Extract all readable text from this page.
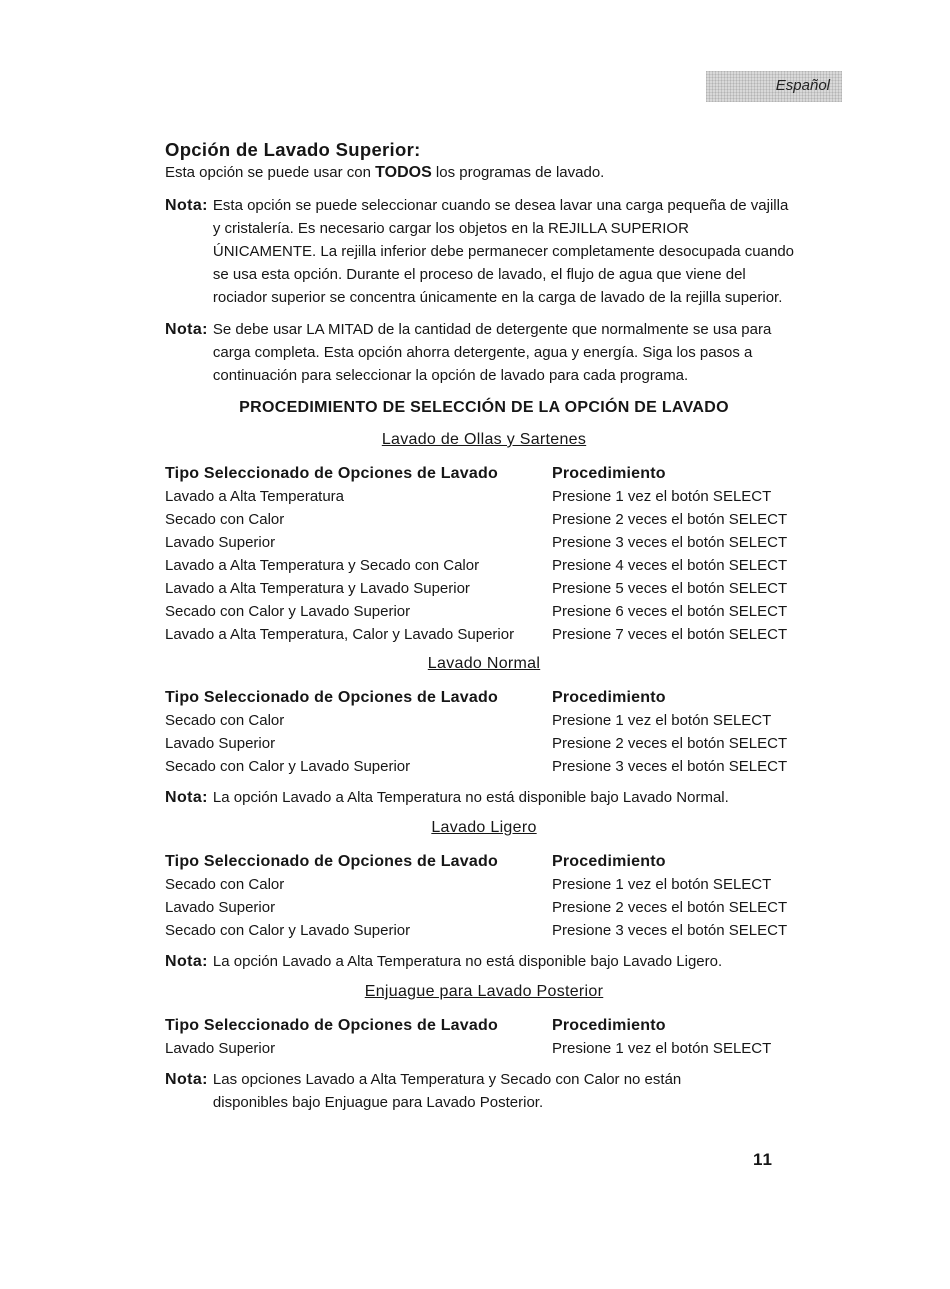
Español
Opción de Lavado Superior:

Esta opción se puede usar con TODOS los programas de lavado.

Nota: Esta opción se puede seleccionar cuando se desea lavar una carga pequeña de vajilla y cristalería. Es necesario cargar los objetos en la REJILLA SUPERIOR ÚNICAMENTE. La rejilla inferior debe permanecer completamente desocupada cuando se usa esta opción. Durante el proceso de lavado, el flujo de agua que viene del rociador superior se concentra únicamente en la carga de lavado de la rejilla superior.
Nota: Se debe usar LA MITAD de la cantidad de detergente que normalmente se usa para carga completa. Esta opción ahorra detergente, agua y energía. Siga los pasos a continuación para seleccionar la opción de lavado para cada programa.
PROCEDIMIENTO DE SELECCIÓN DE LA OPCIÓN DE LAVADO
Lavado de Ollas y Sartenes
Tipo Seleccionado de Opciones de Lavado	Procedimiento
Lavado a Alta Temperatura	Presione 1 vez el botón SELECT
Secado con Calor	Presione 2 veces el botón SELECT
Lavado Superior	Presione 3 veces el botón SELECT
Lavado a Alta Temperatura y Secado con Calor	Presione 4 veces el botón SELECT
Lavado a Alta Temperatura y Lavado Superior	Presione 5 veces el botón SELECT
Secado con Calor y Lavado Superior	Presione 6 veces el botón SELECT
Lavado a Alta Temperatura, Calor y Lavado Superior	Presione 7 veces el botón SELECT
Lavado Normal
Tipo Seleccionado de Opciones de Lavado	Procedimiento
Secado con Calor	Presione 1 vez el botón SELECT
Lavado Superior	Presione 2 veces el botón SELECT
Secado con Calor y Lavado Superior	Presione 3 veces el botón SELECT
Nota: La opción Lavado a Alta Temperatura no está disponible bajo Lavado Normal.
Lavado Ligero
Tipo Seleccionado de Opciones de Lavado	Procedimiento
Secado con Calor	Presione 1 vez el botón SELECT
Lavado Superior	Presione 2 veces el botón SELECT
Secado con Calor y Lavado Superior	Presione 3 veces el botón SELECT
Nota: La opción Lavado a Alta Temperatura no está disponible bajo Lavado Ligero.
Enjuague para Lavado Posterior
Tipo Seleccionado de Opciones de Lavado	Procedimiento
Lavado Superior	Presione 1 vez el botón SELECT
Nota: Las opciones Lavado a Alta Temperatura y Secado con Calor no están disponibles bajo Enjuague para Lavado Posterior.
11
